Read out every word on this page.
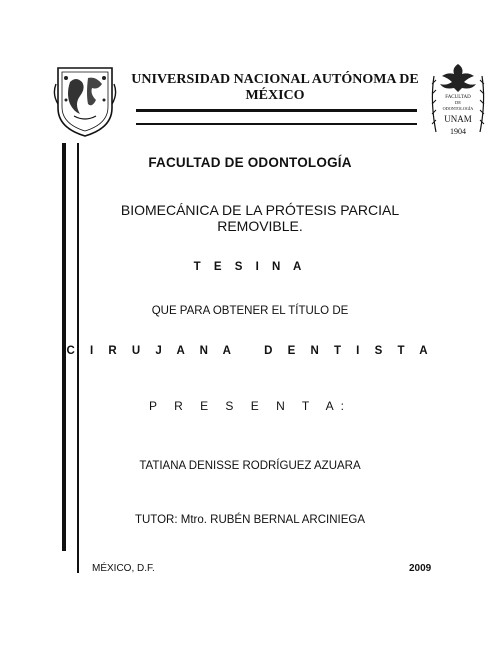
UNIVERSIDAD NACIONAL AUTÓNOMA DE MÉXICO	FACULTAD
DE
ODONTOLOGÍA
UNAM
1904
FACULTAD DE ODONTOLOGÍA
BIOMECÁNICA DE LA PRÓTESIS PARCIAL REMOVIBLE.
T E S I N A
QUE PARA OBTENER EL TÍTULO DE
C I R U J A N A   D E N T I S T A
P R E S E N T A:
TATIANA DENISSE RODRÍGUEZ AZUARA
TUTOR: Mtro. RUBÉN BERNAL ARCINIEGA
MÉXICO, D.F.	2009
